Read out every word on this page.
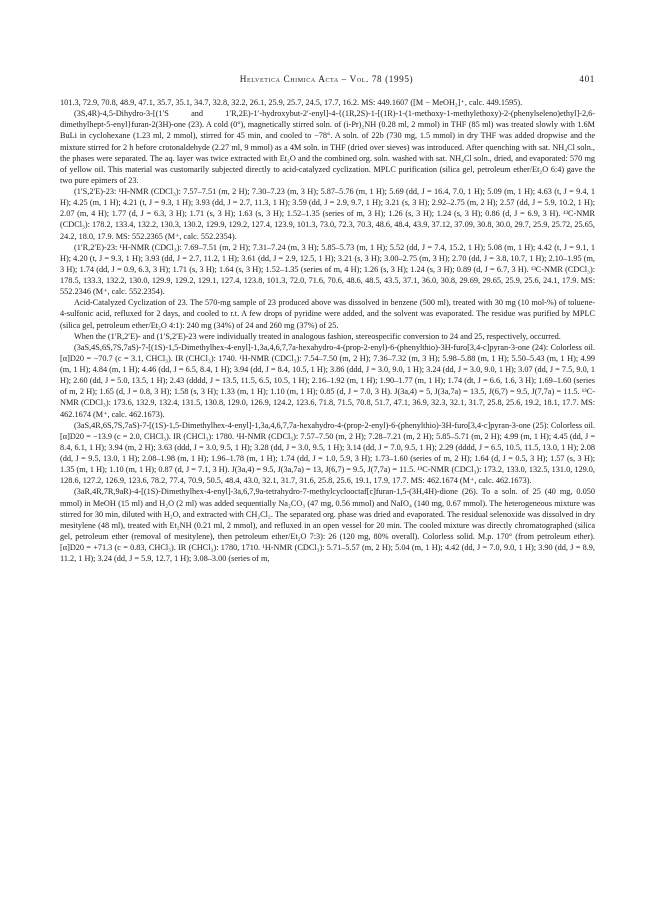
Helvetica Chimica Acta – Vol. 78 (1995)	401

101.3, 72.9, 70.8, 48.9, 47.1, 35.7, 35.1, 34.7, 32.8, 32.2, 26.1, 25.9, 25.7, 24.5, 17.7, 16.2. MS: 449.1607 ([M − MeOH₂]⁺, calc. 449.1595).

(3S,4R)-4,5-Dihydro-3-[(1′S and 1′R,2E)-1′-hydroxybut-2′-enyl]-4-{(1R,2S)-1-[(1R)-1-(1-methoxy-1-methylethoxy)-2-(phenylseleno)ethyl]-2,6-dimethylhept-5-enyl}furan-2(3H)-one (23). A cold (0°), magnetically stirred soln. of (i-Pr)₂NH (0.28 ml, 2 mmol) in THF (85 ml) was treated slowly with 1.6M BuLi in cyclohexane (1.23 ml, 2 mmol), stirred for 45 min, and cooled to −78°. A soln. of 22b (730 mg, 1.5 mmol) in dry THF was added dropwise and the mixture stirred for 2 h before crotonaldehyde (2.27 ml, 9 mmol) as a 4M soln. in THF (dried over sieves) was introduced. After quenching with sat. NH₄Cl soln., the phases were separated. The aq. layer was twice extracted with Et₂O and the combined org. soln. washed with sat. NH₄Cl soln., dried, and evaporated: 570 mg of yellow oil. This material was customarily subjected directly to acid-catalyzed cyclization. MPLC purification (silica gel, petroleum ether/Et₂O 6:4) gave the two pure epimers of 23.

(1′S,2′E)-23: ¹H-NMR (CDCl₃): 7.57–7.51 (m, 2 H); 7.30–7.23 (m, 3 H); 5.87–5.76 (m, 1 H); 5.69 (dd, J = 16.4, 7.0, 1 H); 5.09 (m, 1 H); 4.63 (t, J = 9.4, 1 H); 4.25 (m, 1 H); 4.21 (t, J = 9.3, 1 H); 3.93 (dd, J = 2.7, 11.3, 1 H); 3.59 (dd, J = 2.9, 9.7, 1 H); 3.21 (s, 3 H); 2.92–2.75 (m, 2 H); 2.57 (dd, J = 5.9, 10.2, 1 H); 2.07 (m, 4 H); 1.77 (d, J = 6.3, 3 H); 1.71 (s, 3 H); 1.63 (s, 3 H); 1.52–1.35 (series of m, 3 H); 1.26 (s, 3 H); 1.24 (s, 3 H); 0.86 (d, J = 6.9, 3 H). ¹³C-NMR (CDCl₃): 178.2, 133.4, 132.2, 130.3, 130.2, 129.9, 129.2, 127.4, 123.9, 101.3, 73.0, 72.3, 70.3, 48.6, 48.4, 43.9, 37.12, 37.09, 30.8, 30.0, 29.7, 25.9, 25.72, 25.65, 24.2, 18.0, 17.9. MS: 552.2365 (M⁺, calc. 552.2354).

(1′R,2′E)-23: ¹H-NMR (CDCl₃): 7.69–7.51 (m, 2 H); 7.31–7.24 (m, 3 H); 5.85–5.73 (m, 1 H); 5.52 (dd, J = 7.4, 15.2, 1 H); 5.08 (m, 1 H); 4.42 (t, J = 9.1, 1 H); 4.20 (t, J = 9.3, 1 H); 3.93 (dd, J = 2.7, 11.2, 1 H); 3.61 (dd, J = 2.9, 12.5, 1 H); 3.21 (s, 3 H); 3.00–2.75 (m, 3 H); 2.70 (dd, J = 3.8, 10.7, 1 H); 2.10–1.95 (m, 3 H); 1.74 (dd, J = 0.9, 6.3, 3 H); 1.71 (s, 3 H); 1.64 (s, 3 H); 1.52–1.35 (series of m, 4 H); 1.26 (s, 3 H); 1.24 (s, 3 H); 0.89 (d, J = 6.7, 3 H). ¹³C-NMR (CDCl₃): 178.5, 133.3, 132.2, 130.0, 129.9, 129.2, 129.1, 127.4, 123.8, 101.3, 72.0, 71.6, 70.6, 48.6, 48.5, 43.5, 37.1, 36.0, 30.8, 29.69, 29.65, 25.9, 25.6, 24.1, 17.9. MS: 552.2346 (M⁺, calc. 552.2354).

Acid-Catalyzed Cyclization of 23. The 570-mg sample of 23 produced above was dissolved in benzene (500 ml), treated with 30 mg (10 mol-%) of toluene-4-sulfonic acid, refluxed for 2 days, and cooled to r.t. A few drops of pyridine were added, and the solvent was evaporated. The residue was purified by MPLC (silica gel, petroleum ether/Et₂O 4:1): 240 mg (34%) of 24 and 260 mg (37%) of 25.

When the (1′R,2′E)- and (1′S,2′E)-23 were individually treated in analogous fashion, stereospecific conversion to 24 and 25, respectively, occurred.

(3aS,4S,6S,7S,7aS)-7-[(1S)-1,5-Dimethylhex-4-enyl]-1,3a,4,6,7,7a-hexahydro-4-(prop-2-enyl)-6-(phenylthio)-3H-furo[3,4-c]pyran-3-one (24): Colorless oil. [α]D20 = −70.7 (c = 3.1, CHCl₃). IR (CHCl₃): 1740. ¹H-NMR (CDCl₃): 7.54–7.50 (m, 2 H); 7.36–7.32 (m, 3 H); 5.98–5.88 (m, 1 H); 5.50–5.43 (m, 1 H); 4.99 (m, 1 H); 4.84 (m, 1 H); 4.46 (dd, J = 6.5, 8.4, 1 H); 3.94 (dd, J = 8.4, 10.5, 1 H); 3.86 (ddd, J = 3.0, 9.0, 1 H); 3.24 (dd, J = 3.0, 9.0, 1 H); 3.07 (dd, J = 7.5, 9.0, 1 H); 2.60 (dd, J = 5.0, 13.5, 1 H); 2.43 (dddd, J = 13.5, 11.5, 6.5, 10.5, 1 H); 2.16–1.92 (m, 1 H); 1.90–1.77 (m, 1 H); 1.74 (dt, J = 6.6, 1.6, 3 H); 1.69–1.60 (series of m, 2 H); 1.65 (d, J = 0.8, 3 H); 1.58 (s, 3 H); 1.33 (m, 1 H); 1.10 (m, 1 H); 0.85 (d, J = 7.0, 3 H). J(3a,4) = 5, J(3a,7a) = 13.5, J(6,7) = 9.5, J(7,7a) = 11.5. ¹³C-NMR (CDCl₃): 173.6, 132.9, 132.4, 131.5, 130.8, 129.0, 126.9, 124.2, 123.6, 71.8, 71.5, 70.8, 51.7, 47.1, 36.9, 32.3, 32.1, 31.7, 25.8, 25.6, 19.2, 18.1, 17.7. MS: 462.1674 (M⁺, calc. 462.1673).

(3aS,4R,6S,7S,7aS)-7-[(1S)-1,5-Dimethylhex-4-enyl]-1,3a,4,6,7,7a-hexahydro-4-(prop-2-enyl)-6-(phenylthio)-3H-furo[3,4-c]pyran-3-one (25): Colorless oil. [α]D20 = −13.9 (c = 2.0, CHCl₃). IR (CHCl₃): 1780. ¹H-NMR (CDCl₃): 7.57–7.50 (m, 2 H); 7.28–7.21 (m, 2 H); 5.85–5.71 (m, 2 H); 4.99 (m, 1 H); 4.45 (dd, J = 8.4, 6.1, 1 H); 3.94 (m, 2 H); 3.63 (ddd, J = 3.0, 9.5, 1 H); 3.28 (dd, J = 3.0, 9.5, 1 H); 3.14 (dd, J = 7.0, 9.5, 1 H); 2.29 (dddd, J = 6.5, 10.5, 11.5, 13.0, 1 H); 2.08 (dd, J = 9.5, 13.0, 1 H); 2.08–1.98 (m, 1 H); 1.96–1.78 (m, 1 H); 1.74 (dd, J = 1.0, 5.9, 3 H); 1.73–1.60 (series of m, 2 H); 1.64 (d, J = 0.5, 3 H); 1.57 (s, 3 H); 1.35 (m, 1 H); 1.10 (m, 1 H); 0.87 (d, J = 7.1, 3 H). J(3a,4) = 9.5, J(3a,7a) = 13, J(6,7) = 9.5, J(7,7a) = 11.5. ¹³C-NMR (CDCl₃): 173.2, 133.0, 132.5, 131.0, 129.0, 128.6, 127.2, 126.9, 123.6, 78.2, 77.4, 70.9, 50.5, 48.4, 43.0, 32.1, 31.7, 31.6, 25.8, 25.6, 19.1, 17.9, 17.7. MS: 462.1674 (M⁺, calc. 462.1673).

(3aR,4R,7R,9aR)-4-[(1S)-Dimethylhex-4-enyl]-3a,6,7,9a-tetrahydro-7-methylcyclooctaf[c]furan-1,5-(3H,4H)-dione (26). To a soln. of 25 (40 mg, 0.050 mmol) in MeOH (15 ml) and H₂O (2 ml) was added sequentially Na₂CO₃ (47 mg, 0.56 mmol) and NaIO₄ (140 mg, 0.67 mmol). The heterogeneous mixture was stirred for 30 min, diluted with H₂O, and extracted with CH₂Cl₂. The separated org. phase was dried and evaporated. The residual selenoxide was dissolved in dry mesitylene (48 ml), treated with Et₂NH (0.21 ml, 2 mmol), and refluxed in an open vessel for 20 min. The cooled mixture was directly chromatographed (silica gel, petroleum ether (removal of mesitylene), then petroleum ether/Et₂O 7:3): 26 (120 mg, 80% overall). Colorless solid. M.p. 170° (from petroleum ether). [α]D20 = +71.3 (c = 0.83, CHCl₃). IR (CHCl₃): 1780, 1710. ¹H-NMR (CDCl₃): 5.71–5.57 (m, 2 H); 5.04 (m, 1 H); 4.42 (dd, J = 7.0, 9.0, 1 H); 3.90 (dd, J = 8.9, 11.2, 1 H); 3.24 (dd, J = 5.9, 12.7, 1 H); 3.08–3.00 (series of m,
